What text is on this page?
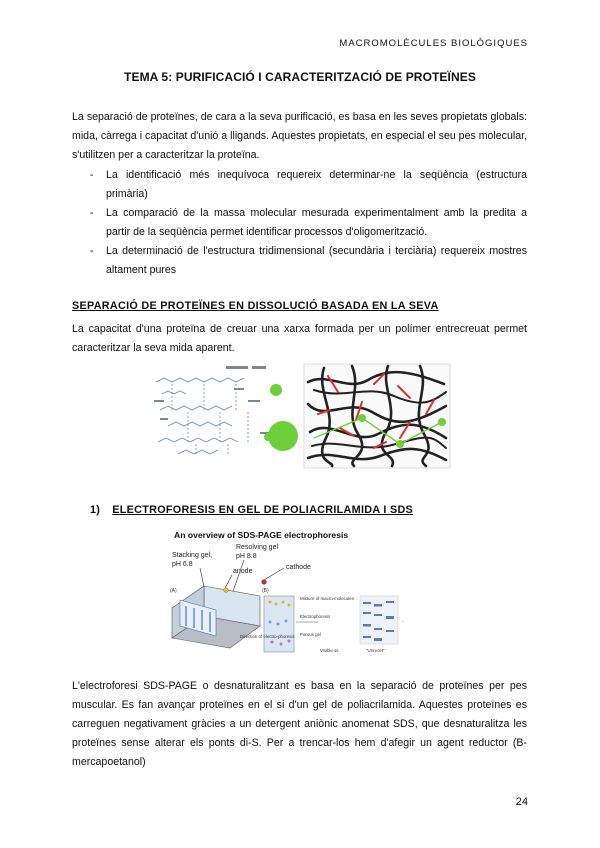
MACROMOLÈCULES BIOLÒGIQUES
TEMA 5: PURIFICACIÓ I CARACTERITZACIÓ DE PROTEÏNES
La separació de proteïnes, de cara a la seva purificació, es basa en les seves propietats globals: mida, càrrega i capacitat d'unió a lligands. Aquestes propietats, en especial el seu pes molecular, s'utilitzen per a caracteritzar la proteïna.
- La identificació més inequívoca requereix determinar-ne la seqüència (estructura primària)
- La comparació de la massa molecular mesurada experimentalment amb la predita a partir de la seqüència permet identificar processos d'oligomerització.
- La determinació de l'estructura tridimensional (secundària i terciària) requereix mostres altament pures
SEPARACIÓ DE PROTEÏNES EN DISSOLUCIÓ BASADA EN LA SEVA
La capacitat d'una proteïna de creuar una xarxa formada per un polímer entrecreuat permet caracteritzar la seva mida aparent.
1) ELECTROFORESIS EN GEL DE POLIACRILAMIDA I SDS
An overview of SDS-PAGE electrophoresis
Stacking gel,
pH 6.8
Resolving gel
pH 8.8
anode
cathode
(A)	(B)
Mixture of macro-molecules
Electrophoresis
Porous gel
Direction of electro-phoresis
←
"Unrecer"
Visible ss
L'electroforesi SDS-PAGE o desnaturalitzant es basa en la separació de proteïnes per pes muscular. Es fan avançar proteïnes en el si d'un gel de poliacrilamida. Aquestes proteïnes es carreguen negativament gràcies a un detergent aniònic anomenat SDS, que desnaturalitza les proteïnes sense alterar els ponts di-S. Per a trencar-los hem d'afegir un agent reductor (B-mercapoetanol)
24
